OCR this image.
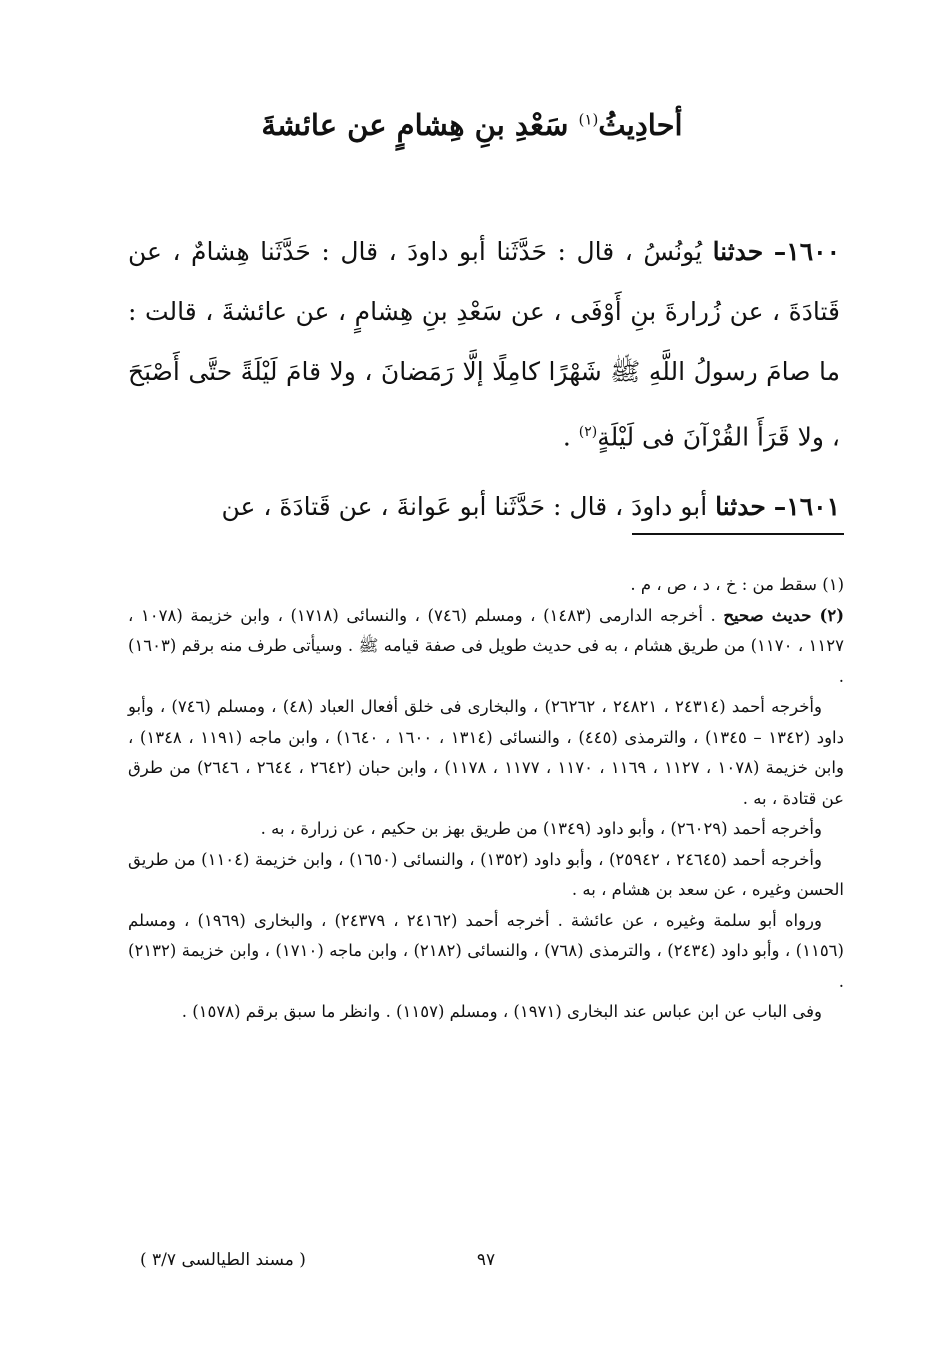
أحادِيثُ$^{(١)}$ سَعْدِ بنِ هِشامٍ عن عائشةَ

١٦٠٠– حدثنا يُونُسُ ، قال : حَدَّثَنا أبو داودَ ، قال : حَدَّثَنا هِشامٌ ، عن قَتادَةَ ، عن زُرارةَ بنِ أَوْفَى ، عن سَعْدِ بنِ هِشامٍ ، عن عائشةَ ، قالت : ما صامَ رسولُ اللَّهِ ﷺ شَهْرًا كامِلًا إلَّا رَمَضانَ ، ولا قامَ لَيْلَةً حتَّى أَصْبَحَ ، ولا قَرَأَ القُرْآنَ فى لَيْلَةٍ$^{(٢)}$ .

١٦٠١– حدثنا أبو داودَ ، قال : حَدَّثَنا أبو عَوانةَ ، عن قَتادَةَ ، عن

(١) سقط من : خ ، د ، ص ، م .

(٢) حديث صحيح . أخرجه الدارمى (١٤٨٣) ، ومسلم (٧٤٦) ، والنسائى (١٧١٨) ، وابن خزيمة (١٠٧٨ ، ١١٢٧ ، ١١٧٠) من طريق هشام ، به فى حديث طويل فى صفة قيامه ﷺ . وسيأتى طرف منه برقم (١٦٠٣) .

وأخرجه أحمد (٢٤٣١٤ ، ٢٤٨٢١ ، ٢٦٢٦٢) ، والبخارى فى خلق أفعال العباد (٤٨) ، ومسلم (٧٤٦) ، وأبو داود (١٣٤٢ – ١٣٤٥) ، والترمذى (٤٤٥) ، والنسائى (١٣١٤ ، ١٦٠٠ ، ١٦٤٠) ، وابن ماجه (١١٩١ ، ١٣٤٨) ، وابن خزيمة (١٠٧٨ ، ١١٢٧ ، ١١٦٩ ، ١١٧٠ ، ١١٧٧ ، ١١٧٨) ، وابن حبان (٢٦٤٢ ، ٢٦٤٤ ، ٢٦٤٦) من طرق عن قتادة ، به .

وأخرجه أحمد (٢٦٠٢٩) ، وأبو داود (١٣٤٩) من طريق بهز بن حكيم ، عن زرارة ، به .

وأخرجه أحمد (٢٤٦٤٥ ، ٢٥٩٤٢) ، وأبو داود (١٣٥٢) ، والنسائى (١٦٥٠) ، وابن خزيمة (١١٠٤) من طريق الحسن وغيره ، عن سعد بن هشام ، به .

ورواه أبو سلمة وغيره ، عن عائشة . أخرجه أحمد (٢٤١٦٢ ، ٢٤٣٧٩) ، والبخارى (١٩٦٩) ، ومسلم (١١٥٦) ، وأبو داود (٢٤٣٤) ، والترمذى (٧٦٨) ، والنسائى (٢١٨٢) ، وابن ماجه (١٧١٠) ، وابن خزيمة (٢١٣٢) .

وفى الباب عن ابن عباس عند البخارى (١٩٧١) ، ومسلم (١١٥٧) . وانظر ما سبق برقم (١٥٧٨) .

٩٧
( مسند الطيالسى ٣/٧ )
